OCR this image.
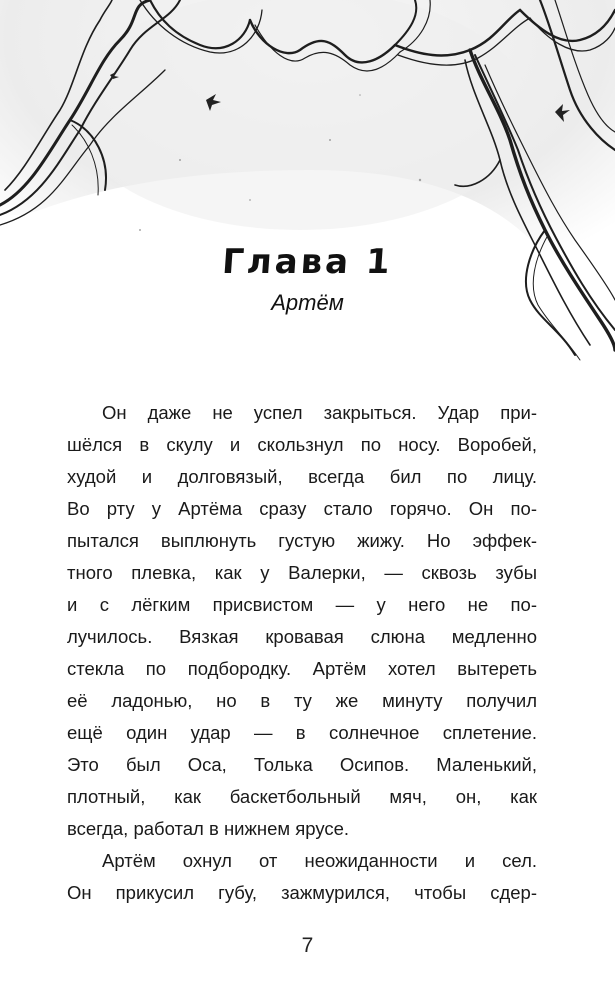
Глава 1
Артём
Он даже не успел закрыться. Удар при-
шёлся в скулу и скользнул по носу. Воробей,
худой и долговязый, всегда бил по лицу.
Во рту у Артёма сразу стало горячо. Он по-
пытался выплюнуть густую жижу. Но эффек-
тного плевка, как у Валерки, — сквозь зубы
и с лёгким присвистом — у него не по-
лучилось. Вязкая кровавая слюна медленно
стекла по подбородку. Артём хотел вытереть
её ладонью, но в ту же минуту получил
ещё один удар — в солнечное сплетение.
Это был Оса, Толька Осипов. Маленький,
плотный, как баскетбольный мяч, он, как
всегда, работал в нижнем ярусе.
Артём охнул от неожиданности и сел.
Он прикусил губу, зажмурился, чтобы сдер-
7
